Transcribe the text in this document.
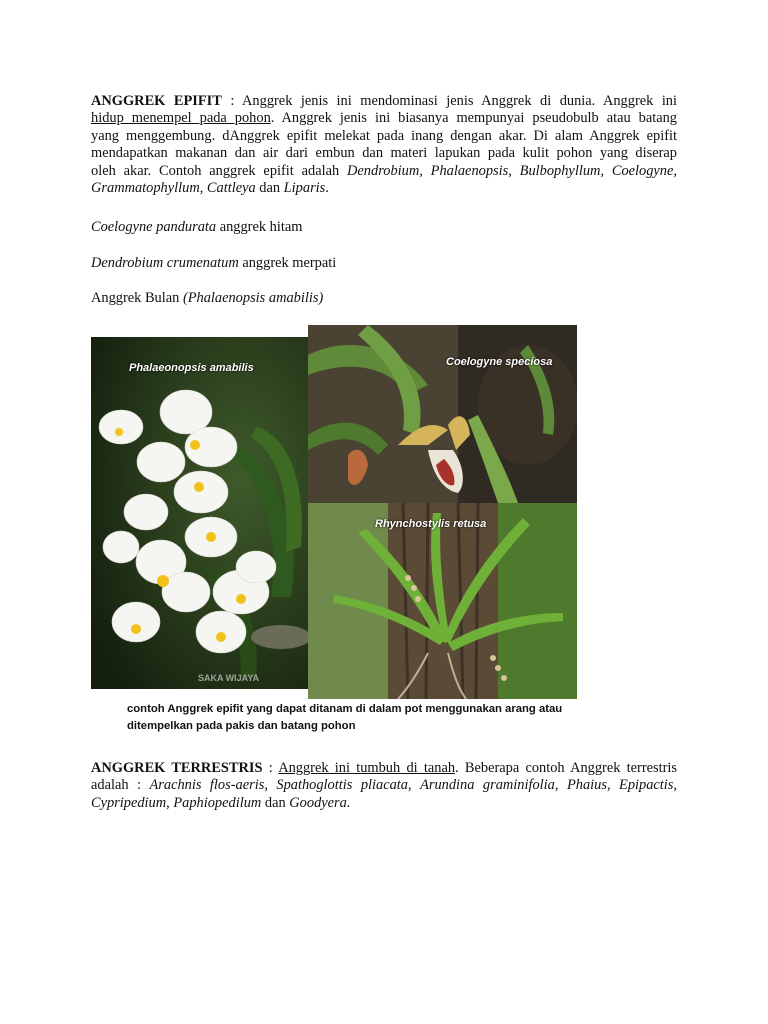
ANGGREK EPIFIT : Anggrek jenis ini mendominasi jenis Anggrek di dunia. Anggrek ini
hidup menempel pada pohon. Anggrek jenis ini biasanya mempunyai pseudobulb atau batang
yang menggembung. dAnggrek epifit melekat pada inang dengan akar. Di alam Anggrek epifit
mendapatkan makanan dan air dari embun dan materi lapukan pada kulit pohon yang diserap
oleh akar. Contoh anggrek epifit adalah Dendrobium, Phalaenopsis, Bulbophyllum, Coelogyne,
Grammatophyllum, Cattleya dan Liparis.
Coelogyne pandurata anggrek hitam
Dendrobium crumenatum anggrek merpati
Anggrek Bulan (Phalaenopsis amabilis)
Phalaeonopsis amabilis
SAKA WIJAYA
Coelogyne speciosa
Rhynchostylis retusa
contoh Anggrek epifit yang dapat ditanam di dalam pot menggunakan arang atau
ditempelkan pada pakis dan batang pohon
ANGGREK TERRESTRIS : Anggrek ini tumbuh di tanah. Beberapa contoh Anggrek terrestris
adalah : Arachnis flos-aeris, Spathoglottis pliacata, Arundina graminifolia, Phaius, Epipactis,
Cypripedium, Paphiopedilum dan Goodyera.
